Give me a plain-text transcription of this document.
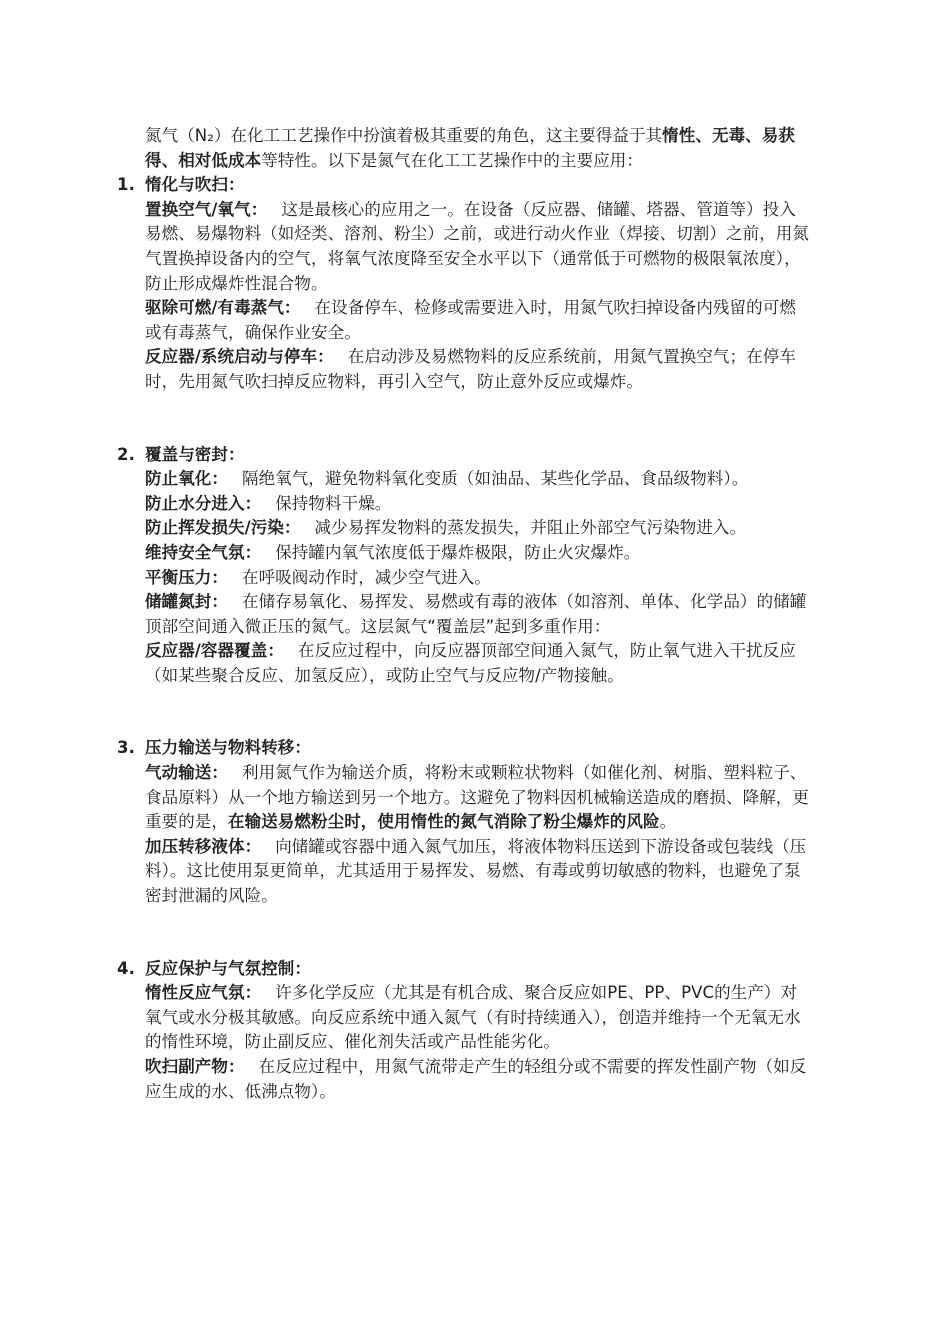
氮气（N₂）在化工工艺操作中扮演着极其重要的角色，这主要得益于其惰性、无毒、易获得、相对低成本等特性。以下是氮气在化工工艺操作中的主要应用：

1. 惰化与吹扫：

置换空气/氧气： 这是最核心的应用之一。在设备（反应器、储罐、塔器、管道等）投入易燃、易爆物料（如烃类、溶剂、粉尘）之前，或进行动火作业（焊接、切割）之前，用氮气置换掉设备内的空气，将氧气浓度降至安全水平以下（通常低于可燃物的极限氧浓度），防止形成爆炸性混合物。

驱除可燃/有毒蒸气： 在设备停车、检修或需要进入时，用氮气吹扫掉设备内残留的可燃或有毒蒸气，确保作业安全。

反应器/系统启动与停车： 在启动涉及易燃物料的反应系统前，用氮气置换空气；在停车时，先用氮气吹扫掉反应物料，再引入空气，防止意外反应或爆炸。

2. 覆盖与密封：

防止氧化： 隔绝氧气，避免物料氧化变质（如油品、某些化学品、食品级物料）。

防止水分进入： 保持物料干燥。

防止挥发损失/污染： 减少易挥发物料的蒸发损失，并阻止外部空气污染物进入。

维持安全气氛： 保持罐内氧气浓度低于爆炸极限，防止火灾爆炸。

平衡压力： 在呼吸阀动作时，减少空气进入。

储罐氮封： 在储存易氧化、易挥发、易燃或有毒的液体（如溶剂、单体、化学品）的储罐顶部空间通入微正压的氮气。这层氮气“覆盖层”起到多重作用：

反应器/容器覆盖： 在反应过程中，向反应器顶部空间通入氮气，防止氧气进入干扰反应（如某些聚合反应、加氢反应），或防止空气与反应物/产物接触。

3. 压力输送与物料转移：

气动输送： 利用氮气作为输送介质，将粉末或颗粒状物料（如催化剂、树脂、塑料粒子、食品原料）从一个地方输送到另一个地方。这避免了物料因机械输送造成的磨损、降解，更重要的是，在输送易燃粉尘时，使用惰性的氮气消除了粉尘爆炸的风险。

加压转移液体： 向储罐或容器中通入氮气加压，将液体物料压送到下游设备或包装线（压料）。这比使用泵更简单，尤其适用于易挥发、易燃、有毒或剪切敏感的物料，也避免了泵密封泄漏的风险。

4. 反应保护与气氛控制：

惰性反应气氛： 许多化学反应（尤其是有机合成、聚合反应如PE、PP、PVC的生产）对氧气或水分极其敏感。向反应系统中通入氮气（有时持续通入），创造并维持一个无氧无水的惰性环境，防止副反应、催化剂失活或产品性能劣化。

吹扫副产物： 在反应过程中，用氮气流带走产生的轻组分或不需要的挥发性副产物（如反应生成的水、低沸点物）。
